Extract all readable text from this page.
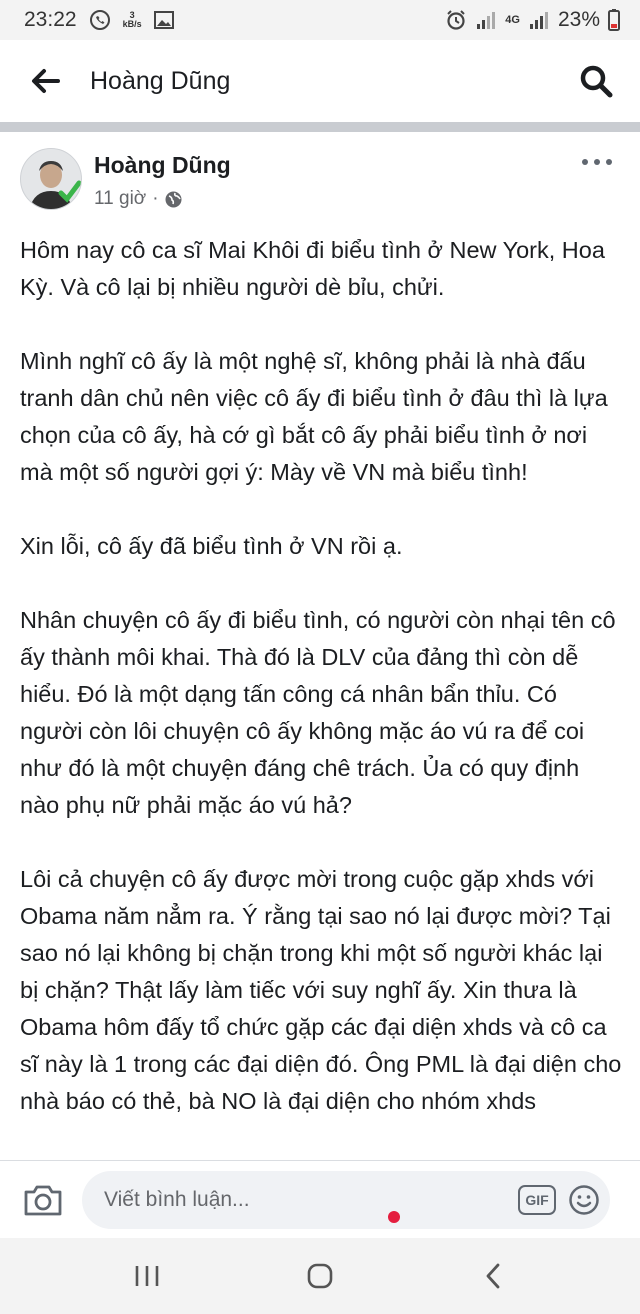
23:22	3
kB/s	4G 23%
Hoàng Dũng
Hoàng Dũng
11 giờ ·

Hôm nay cô ca sĩ Mai Khôi đi biểu tình ở New York, Hoa Kỳ. Và cô lại bị nhiều người dè bỉu, chửi.

Mình nghĩ cô ấy là một nghệ sĩ, không phải là nhà đấu tranh dân chủ nên việc cô ấy đi biểu tình ở đâu thì là lựa chọn của cô ấy, hà cớ gì bắt cô ấy phải biểu tình ở nơi mà một số người gợi ý: Mày về VN mà biểu tình!

Xin lỗi, cô ấy đã biểu tình ở VN rồi ạ.

Nhân chuyện cô ấy đi biểu tình, có người còn nhại tên cô ấy thành môi khai. Thà đó là DLV của đảng thì còn dễ hiểu. Đó là một dạng tấn công cá nhân bẩn thỉu. Có người còn lôi chuyện cô ấy không mặc áo vú ra để coi như đó là một chuyện đáng chê trách. Ủa có quy định nào phụ nữ phải mặc áo vú hả?

Lôi cả chuyện cô ấy được mời trong cuộc gặp xhds với Obama năm nẳm ra. Ý rằng tại sao nó lại được mời? Tại sao nó lại không bị chặn trong khi một số người khác lại bị chặn? Thật lấy làm tiếc với suy nghĩ ấy. Xin thưa là Obama hôm đấy tổ chức gặp các đại diện xhds và cô ca sĩ này là 1 trong các đại diện đó. Ông PML là đại diện cho nhà báo có thẻ, bà NO là đại diện cho nhóm xhds

Viết bình luận...	GIF
